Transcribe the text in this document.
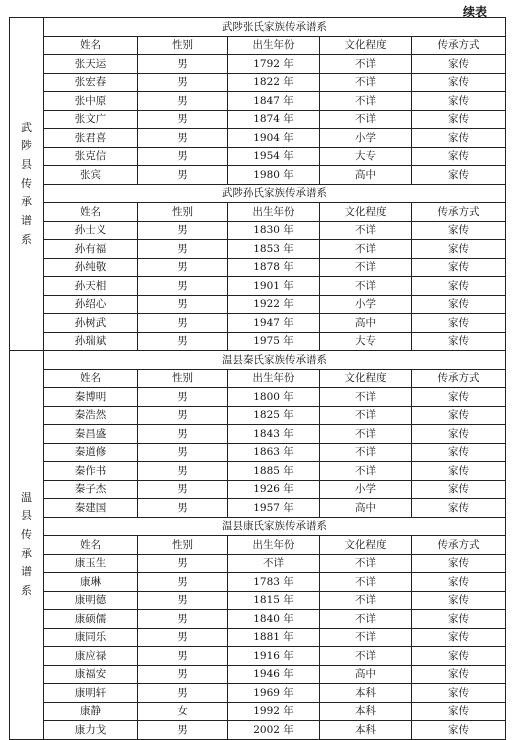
续表
武陟县传承谱系	武陟张氏家族传承谱系				
	姓名	性别	出生年份	文化程度	传承方式
	张天运	男	1792 年	不详	家传
	张宏春	男	1822 年	不详	家传
	张中原	男	1847 年	不详	家传
	张文广	男	1874 年	不详	家传
	张君喜	男	1904 年	小学	家传
	张克信	男	1954 年	大专	家传
	张宾	男	1980 年	高中	家传
	武陟孙氏家族传承谱系				
	姓名	性别	出生年份	文化程度	传承方式
	孙士义	男	1830 年	不详	家传
	孙有福	男	1853 年	不详	家传
	孙纯敬	男	1878 年	不详	家传
	孙天相	男	1901 年	不详	家传
	孙绍心	男	1922 年	小学	家传
	孙树武	男	1947 年	高中	家传
	孙瑞斌	男	1975 年	大专	家传

温县传承谱系	温县秦氏家族传承谱系				
	姓名	性别	出生年份	文化程度	传承方式
	秦博明	男	1800 年	不详	家传
	秦浩然	男	1825 年	不详	家传
	秦昌盛	男	1843 年	不详	家传
	秦道修	男	1863 年	不详	家传
	秦作书	男	1885 年	不详	家传
	秦子杰	男	1926 年	小学	家传
	秦建国	男	1957 年	高中	家传
	温县康氏家族传承谱系				
	姓名	性别	出生年份	文化程度	传承方式
	康玉生	男	不详	不详	家传
	康琳	男	1783 年	不详	家传
	康明德	男	1815 年	不详	家传
	康硕儒	男	1840 年	不详	家传
	康同乐	男	1881 年	不详	家传
	康应禄	男	1916 年	不详	家传
	康福安	男	1946 年	高中	家传
	康明轩	男	1969 年	本科	家传
	康静	女	1992 年	本科	家传
	康力戈	男	2002 年	本科	家传
